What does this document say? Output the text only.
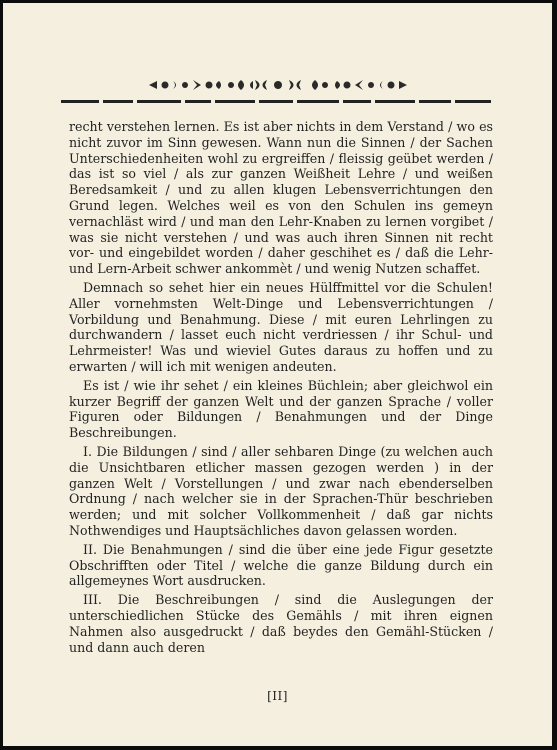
recht verstehen lernen. Es ist aber nichts in dem Verstand / wo es nicht zuvor im Sinn gewesen. Wann nun die Sinnen / der Sachen Unterschiedenheiten wohl zu ergreiffen / fleissig geübet werden / das ist so viel / als zur ganzen Weißheit Lehre / und weißen Beredsamkeit / und zu allen klugen Lebensverrichtungen den Grund legen. Welches weil es von den Schulen ins gemeyn vernachläst wird / und man den Lehr-Knaben zu lernen vorgibet / was sie nicht verstehen / und was auch ihren Sinnen nit recht vor- und eingebildet worden / daher geschihet es / daß die Lehr- und Lern-Arbeit schwer ankommèt / und wenig Nutzen schaffet.

Demnach so sehet hier ein neues Hülffmittel vor die Schulen! Aller vornehmsten Welt-Dinge und Lebensverrichtungen / Vorbildung und Benahmung. Diese / mit euren Lehrlingen zu durchwandern / lasset euch nicht verdriessen / ihr Schul- und Lehrmeister! Was und wieviel Gutes daraus zu hoffen und zu erwarten / will ich mit wenigen andeuten.

Es ist / wie ihr sehet / ein kleines Büchlein; aber gleichwol ein kurzer Begriff der ganzen Welt und der ganzen Sprache / voller Figuren oder Bildungen / Benahmungen und der Dinge Beschreibungen.

I. Die Bildungen / sind / aller sehbaren Dinge (zu welchen auch die Unsichtbaren etlicher massen gezogen werden ) in der ganzen Welt / Vorstellungen / und zwar nach ebenderselben Ordnung / nach welcher sie in der Sprachen-Thür beschrieben werden; und mit solcher Vollkommenheit / daß gar nichts Nothwendiges und Hauptsächliches davon gelassen worden.

II. Die Benahmungen / sind die über eine jede Figur gesetzte Obschrifften oder Titel / welche die ganze Bildung durch ein allgemeynes Wort ausdrucken.

III. Die Beschreibungen / sind die Auslegungen der unterschiedlichen Stücke des Gemähls / mit ihren eignen Nahmen also ausgedruckt / daß beydes den Gemähl-Stücken / und dann auch deren

[II]
